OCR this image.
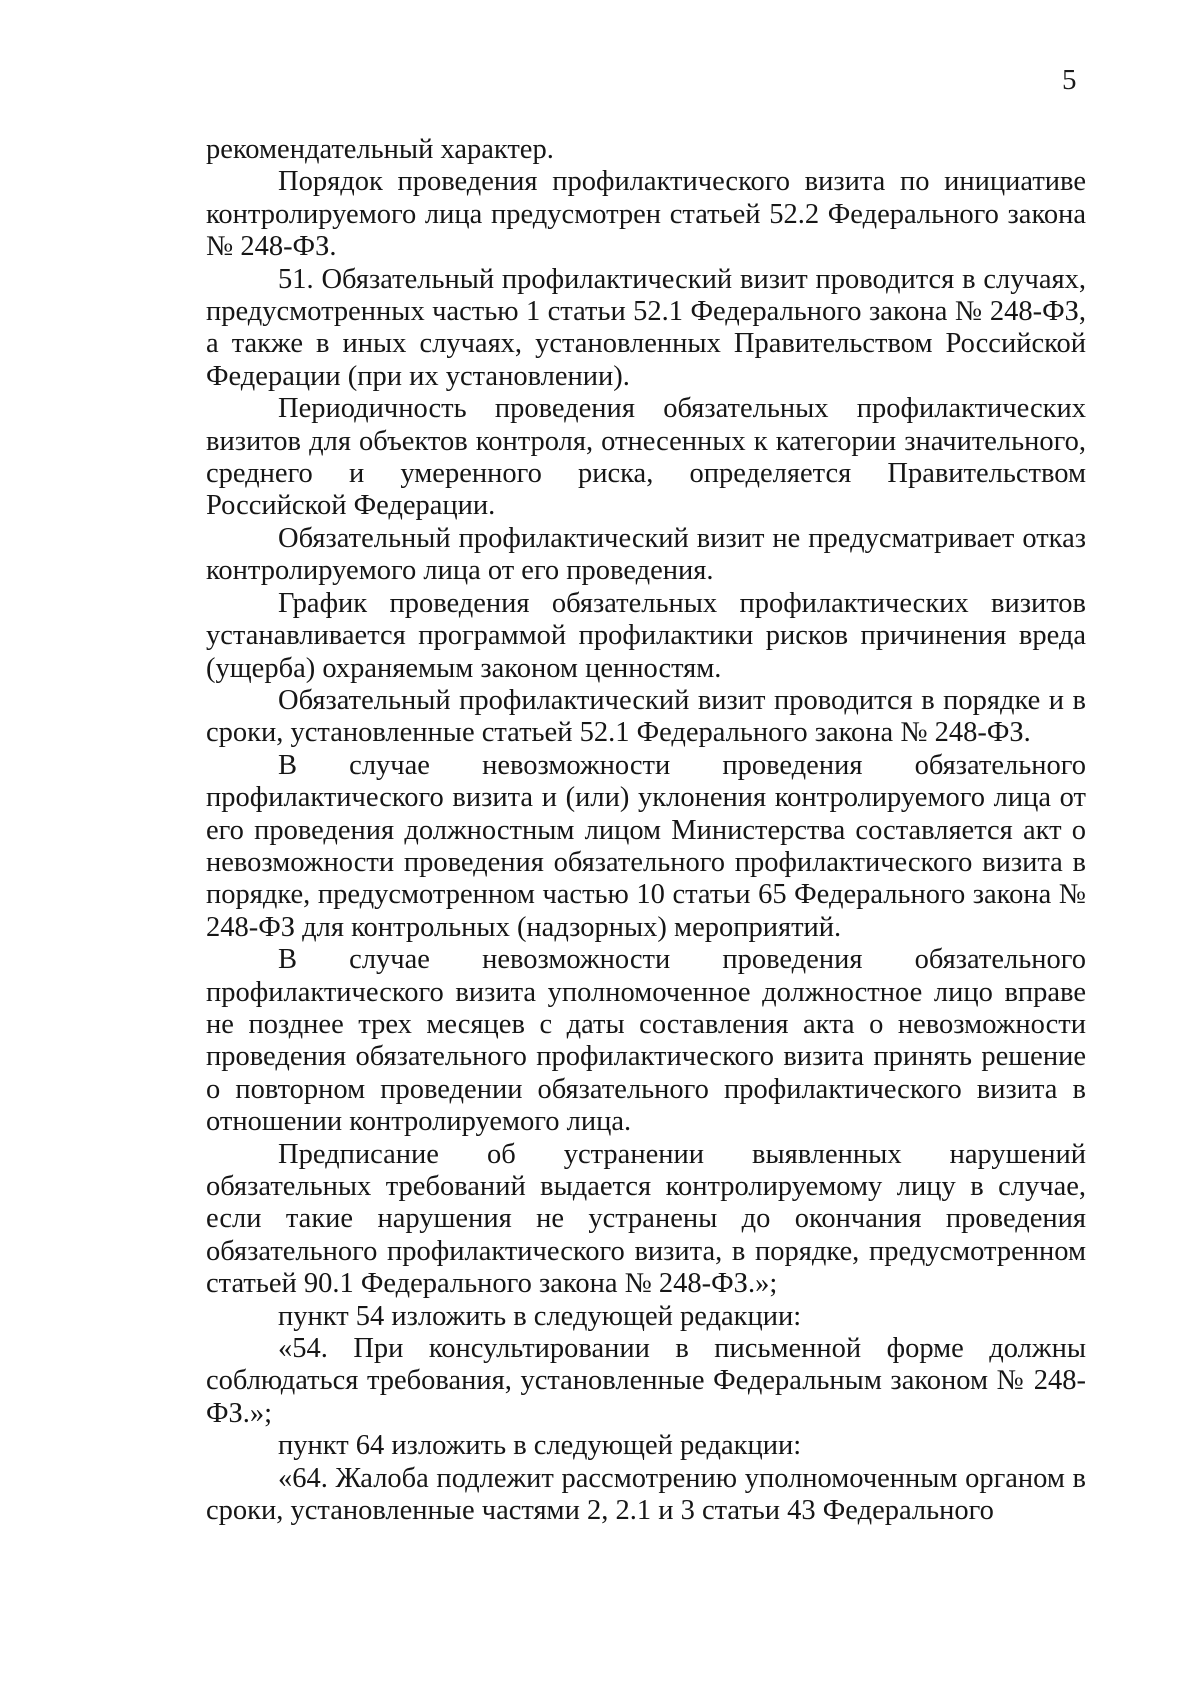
5

рекомендательный характер.

Порядок проведения профилактического визита по инициативе контролируемого лица предусмотрен статьей 52.2 Федерального закона № 248-ФЗ.

51. Обязательный профилактический визит проводится в случаях, предусмотренных частью 1 статьи 52.1 Федерального закона № 248-ФЗ, а также в иных случаях, установленных Правительством Российской Федерации (при их установлении).

Периодичность проведения обязательных профилактических визитов для объектов контроля, отнесенных к категории значительного, среднего и умеренного риска, определяется Правительством Российской Федерации.

Обязательный профилактический визит не предусматривает отказ контролируемого лица от его проведения.

График проведения обязательных профилактических визитов устанавливается программой профилактики рисков причинения вреда (ущерба) охраняемым законом ценностям.

Обязательный профилактический визит проводится в порядке и в сроки, установленные статьей 52.1 Федерального закона № 248-ФЗ.

В случае невозможности проведения обязательного профилактического визита и (или) уклонения контролируемого лица от его проведения должностным лицом Министерства составляется акт о невозможности проведения обязательного профилактического визита в порядке, предусмотренном частью 10 статьи 65 Федерального закона № 248-ФЗ для контрольных (надзорных) мероприятий.

В случае невозможности проведения обязательного профилактического визита уполномоченное должностное лицо вправе не позднее трех месяцев с даты составления акта о невозможности проведения обязательного профилактического визита принять решение о повторном проведении обязательного профилактического визита в отношении контролируемого лица.

Предписание об устранении выявленных нарушений обязательных требований выдается контролируемому лицу в случае, если такие нарушения не устранены до окончания проведения обязательного профилактического визита, в порядке, предусмотренном статьей 90.1 Федерального закона № 248-ФЗ.»;

пункт 54 изложить в следующей редакции:

«54. При консультировании в письменной форме должны соблюдаться требования, установленные Федеральным законом № 248-ФЗ.»;

пункт 64 изложить в следующей редакции:

«64. Жалоба подлежит рассмотрению уполномоченным органом в сроки, установленные частями 2, 2.1 и 3 статьи 43 Федерального
